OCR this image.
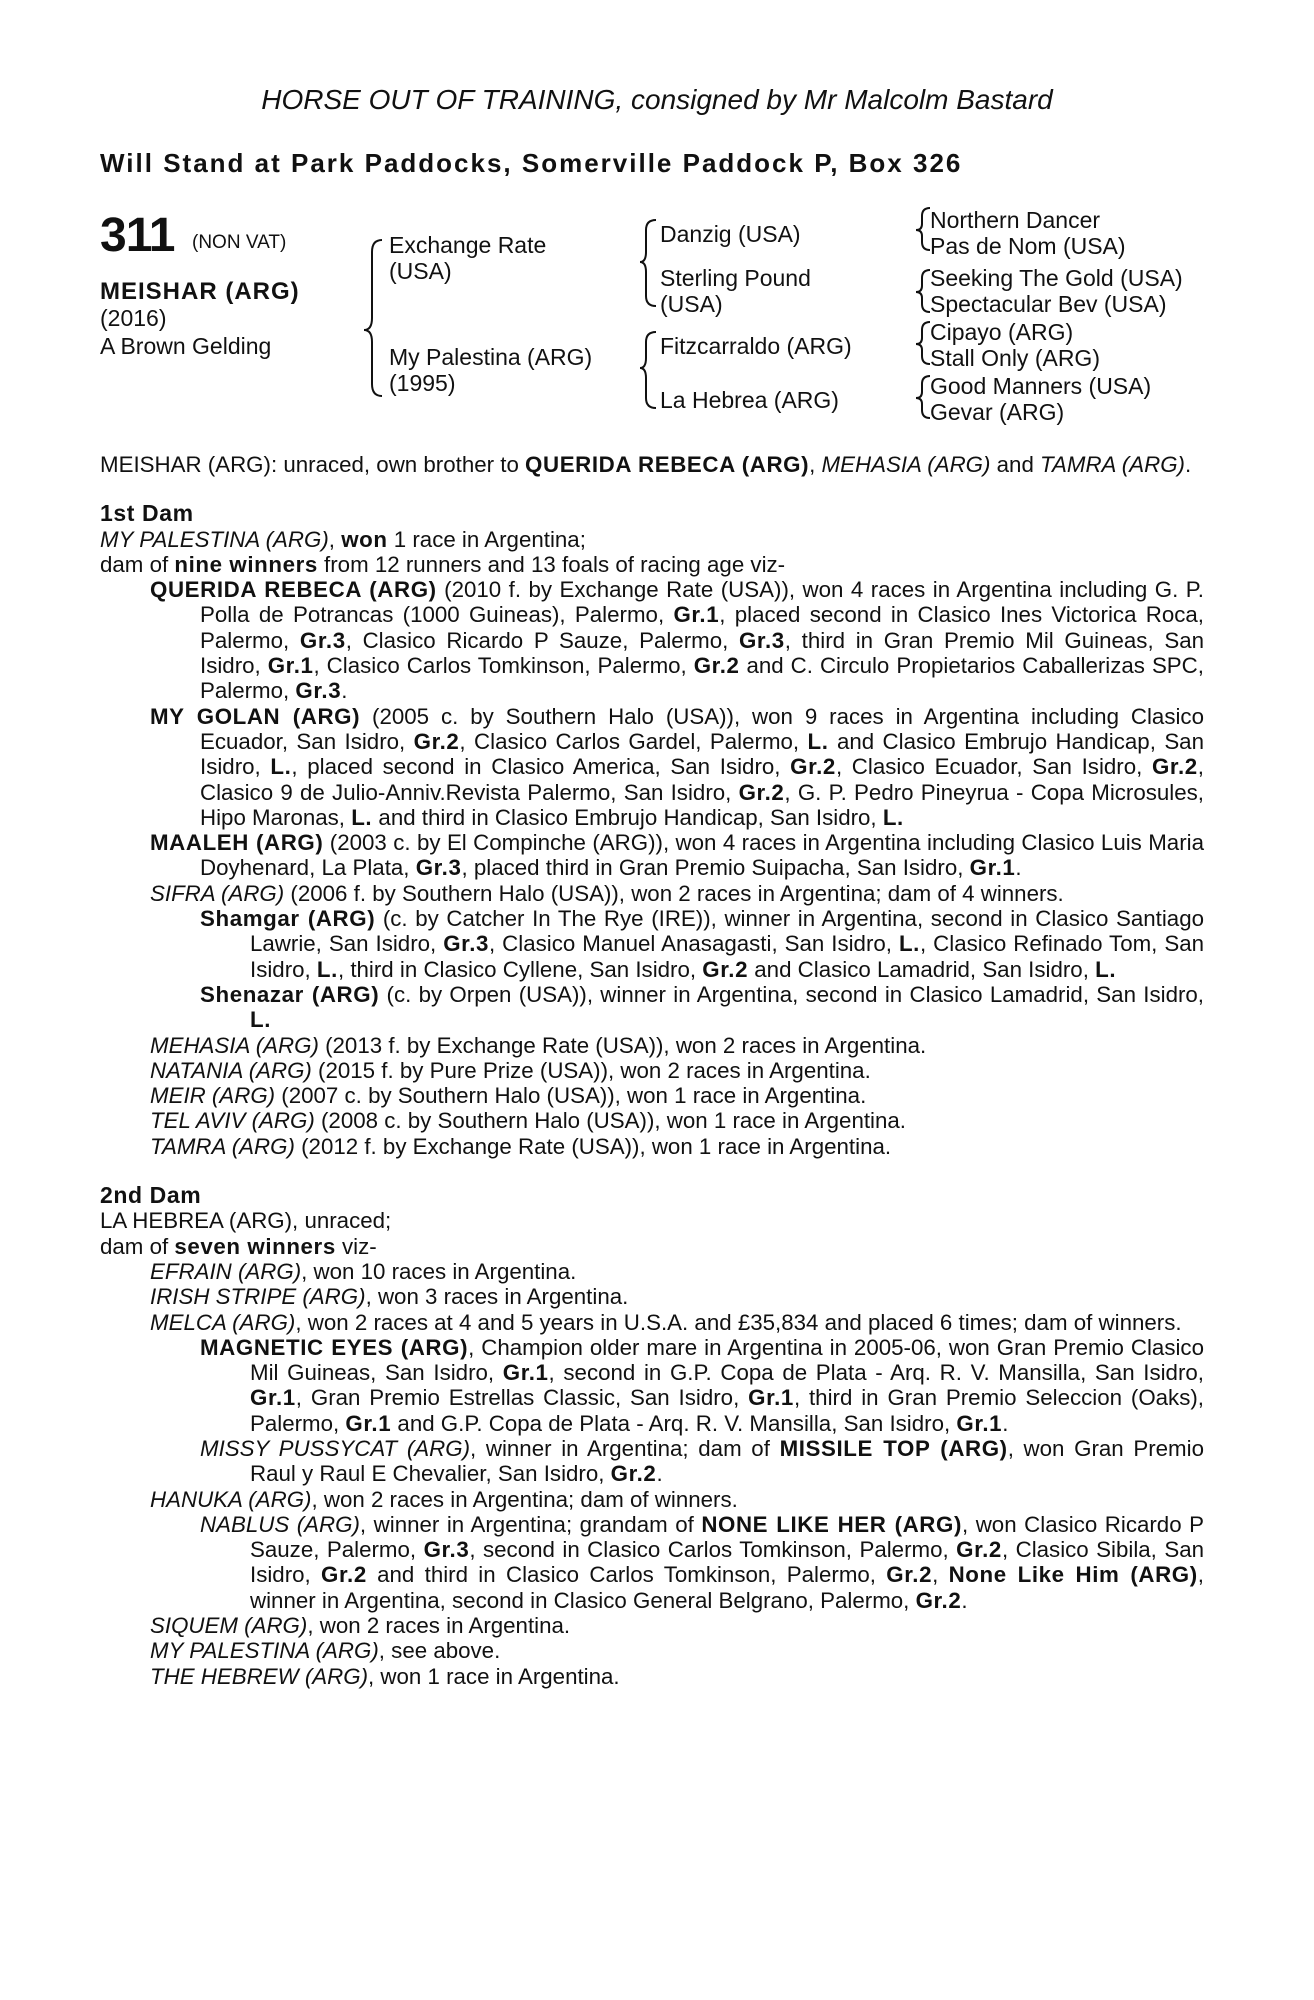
HORSE OUT OF TRAINING, consigned by Mr Malcolm Bastard
Will Stand at Park Paddocks, Somerville Paddock P, Box 326
311 (NON VAT)
MEISHAR (ARG)
(2016)
A Brown Gelding
Exchange Rate
(USA)
My Palestina (ARG)
(1995)
Danzig (USA)
Sterling Pound
(USA)
Fitzcarraldo (ARG)
La Hebrea (ARG)
Northern Dancer
Pas de Nom (USA)
Seeking The Gold (USA)
Spectacular Bev (USA)
Cipayo (ARG)
Stall Only (ARG)
Good Manners (USA)
Gevar (ARG)

MEISHAR (ARG): unraced, own brother to QUERIDA REBECA (ARG), MEHASIA (ARG) and TAMRA (ARG).

1st Dam

MY PALESTINA (ARG), won 1 race in Argentina;

dam of nine winners from 12 runners and 13 foals of racing age viz-

QUERIDA REBECA (ARG) (2010 f. by Exchange Rate (USA)), won 4 races in Argentina including G. P. Polla de Potrancas (1000 Guineas), Palermo, Gr.1, placed second in Clasico Ines Victorica Roca, Palermo, Gr.3, Clasico Ricardo P Sauze, Palermo, Gr.3, third in Gran Premio Mil Guineas, San Isidro, Gr.1, Clasico Carlos Tomkinson, Palermo, Gr.2 and C. Circulo Propietarios Caballerizas SPC, Palermo, Gr.3.

MY GOLAN (ARG) (2005 c. by Southern Halo (USA)), won 9 races in Argentina including Clasico Ecuador, San Isidro, Gr.2, Clasico Carlos Gardel, Palermo, L. and Clasico Embrujo Handicap, San Isidro, L., placed second in Clasico America, San Isidro, Gr.2, Clasico Ecuador, San Isidro, Gr.2, Clasico 9 de Julio-Anniv.Revista Palermo, San Isidro, Gr.2, G. P. Pedro Pineyrua - Copa Microsules, Hipo Maronas, L. and third in Clasico Embrujo Handicap, San Isidro, L.

MAALEH (ARG) (2003 c. by El Compinche (ARG)), won 4 races in Argentina including Clasico Luis Maria Doyhenard, La Plata, Gr.3, placed third in Gran Premio Suipacha, San Isidro, Gr.1.

SIFRA (ARG) (2006 f. by Southern Halo (USA)), won 2 races in Argentina; dam of 4 winners.

Shamgar (ARG) (c. by Catcher In The Rye (IRE)), winner in Argentina, second in Clasico Santiago Lawrie, San Isidro, Gr.3, Clasico Manuel Anasagasti, San Isidro, L., Clasico Refinado Tom, San Isidro, L., third in Clasico Cyllene, San Isidro, Gr.2 and Clasico Lamadrid, San Isidro, L.

Shenazar (ARG) (c. by Orpen (USA)), winner in Argentina, second in Clasico Lamadrid, San Isidro, L.

MEHASIA (ARG) (2013 f. by Exchange Rate (USA)), won 2 races in Argentina.

NATANIA (ARG) (2015 f. by Pure Prize (USA)), won 2 races in Argentina.

MEIR (ARG) (2007 c. by Southern Halo (USA)), won 1 race in Argentina.

TEL AVIV (ARG) (2008 c. by Southern Halo (USA)), won 1 race in Argentina.

TAMRA (ARG) (2012 f. by Exchange Rate (USA)), won 1 race in Argentina.

2nd Dam

LA HEBREA (ARG), unraced;

dam of seven winners viz-

EFRAIN (ARG), won 10 races in Argentina.

IRISH STRIPE (ARG), won 3 races in Argentina.

MELCA (ARG), won 2 races at 4 and 5 years in U.S.A. and £35,834 and placed 6 times; dam of winners.

MAGNETIC EYES (ARG), Champion older mare in Argentina in 2005-06, won Gran Premio Clasico Mil Guineas, San Isidro, Gr.1, second in G.P. Copa de Plata - Arq. R. V. Mansilla, San Isidro, Gr.1, Gran Premio Estrellas Classic, San Isidro, Gr.1, third in Gran Premio Seleccion (Oaks), Palermo, Gr.1 and G.P. Copa de Plata - Arq. R. V. Mansilla, San Isidro, Gr.1.

MISSY PUSSYCAT (ARG), winner in Argentina; dam of MISSILE TOP (ARG), won Gran Premio Raul y Raul E Chevalier, San Isidro, Gr.2.

HANUKA (ARG), won 2 races in Argentina; dam of winners.

NABLUS (ARG), winner in Argentina; grandam of NONE LIKE HER (ARG), won Clasico Ricardo P Sauze, Palermo, Gr.3, second in Clasico Carlos Tomkinson, Palermo, Gr.2, Clasico Sibila, San Isidro, Gr.2 and third in Clasico Carlos Tomkinson, Palermo, Gr.2, None Like Him (ARG), winner in Argentina, second in Clasico General Belgrano, Palermo, Gr.2.

SIQUEM (ARG), won 2 races in Argentina.

MY PALESTINA (ARG), see above.

THE HEBREW (ARG), won 1 race in Argentina.
